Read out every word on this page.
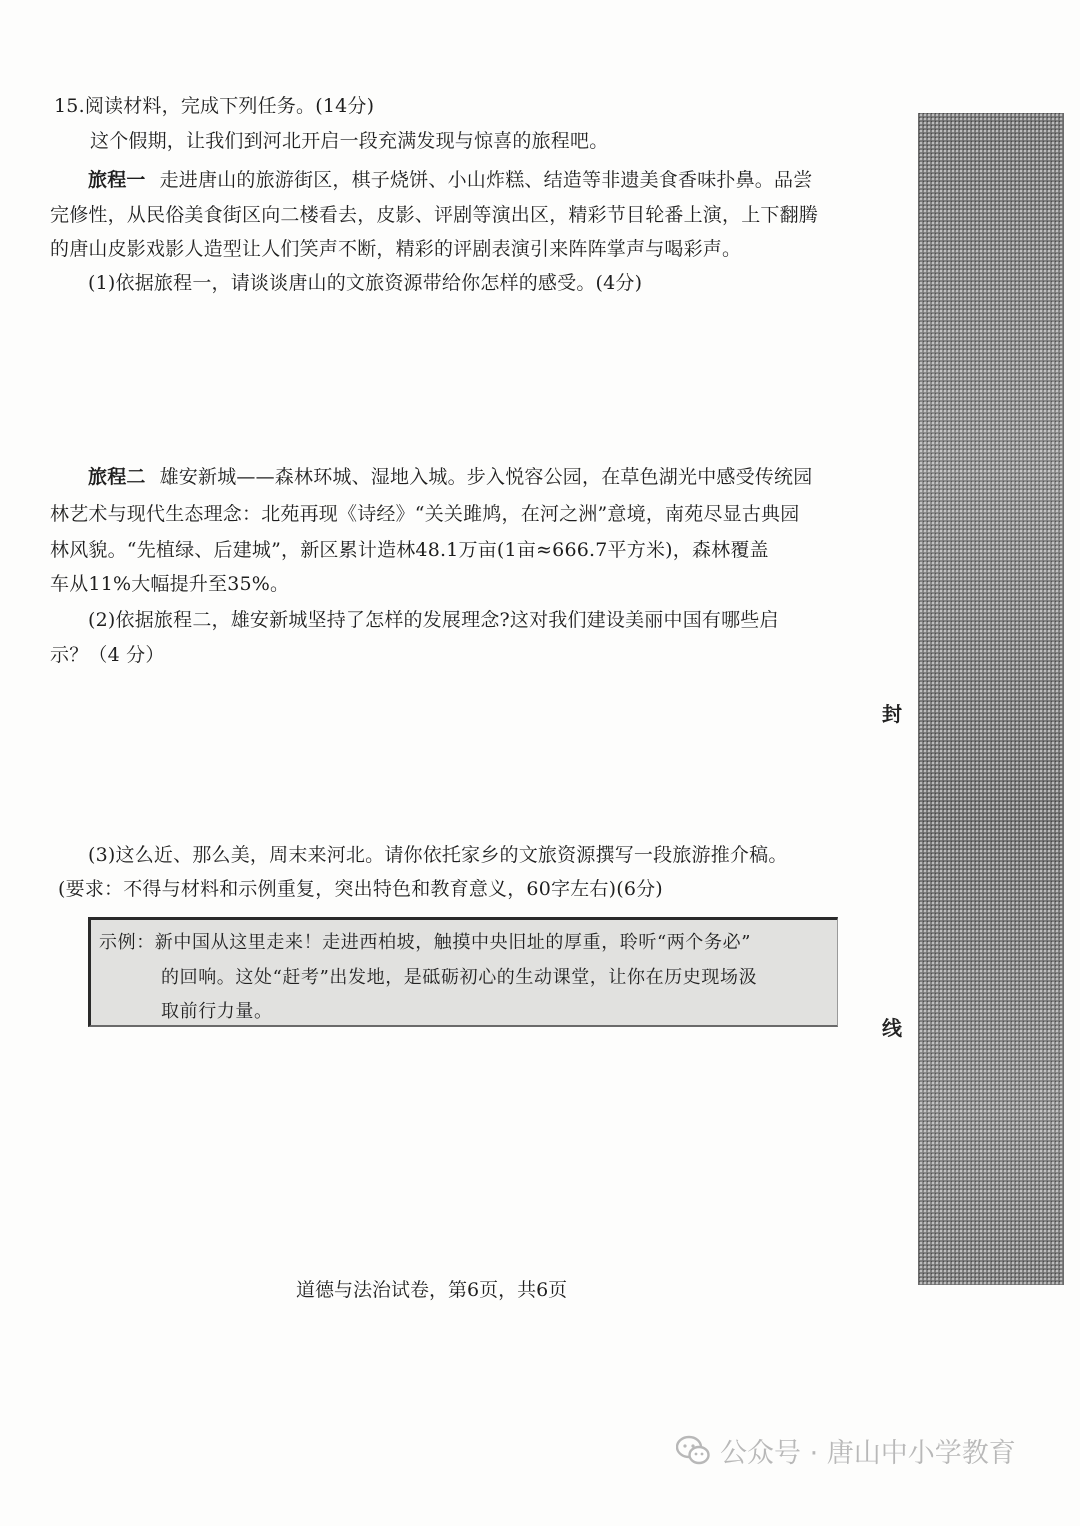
15.阅读材料，完成下列任务。(14分)
这个假期，让我们到河北开启一段充满发现与惊喜的旅程吧。
旅程一 走进唐山的旅游街区，棋子烧饼、小山炸糕、结造等非遗美食香味扑鼻。品尝
完修性，从民俗美食街区向二楼看去，皮影、评剧等演出区，精彩节目轮番上演，上下翻腾
的唐山皮影戏影人造型让人们笑声不断，精彩的评剧表演引来阵阵掌声与喝彩声。
(1)依据旅程一，请谈谈唐山的文旅资源带给你怎样的感受。(4分)
旅程二 雄安新城——森林环城、湿地入城。步入悦容公园，在草色湖光中感受传统园
林艺术与现代生态理念：北苑再现《诗经》“关关雎鸠，在河之洲”意境，南苑尽显古典园
林风貌。“先植绿、后建城”，新区累计造林48.1万亩(1亩≈666.7平方米)，森林覆盖
车从11%大幅提升至35%。
(2)依据旅程二，雄安新城坚持了怎样的发展理念?这对我们建设美丽中国有哪些启
示？（4 分）
(3)这么近、那么美，周末来河北。请你依托家乡的文旅资源撰写一段旅游推介稿。
(要求：不得与材料和示例重复，突出特色和教育意义，60字左右)(6分)
示例：新中国从这里走来！走进西柏坡，触摸中央旧址的厚重，聆听“两个务必”
的回响。这处“赶考”出发地，是砥砺初心的生动课堂，让你在历史现场汲
取前行力量。
封
线
道德与法治试卷，第6页，共6页
公众号 · 唐山中小学教育
